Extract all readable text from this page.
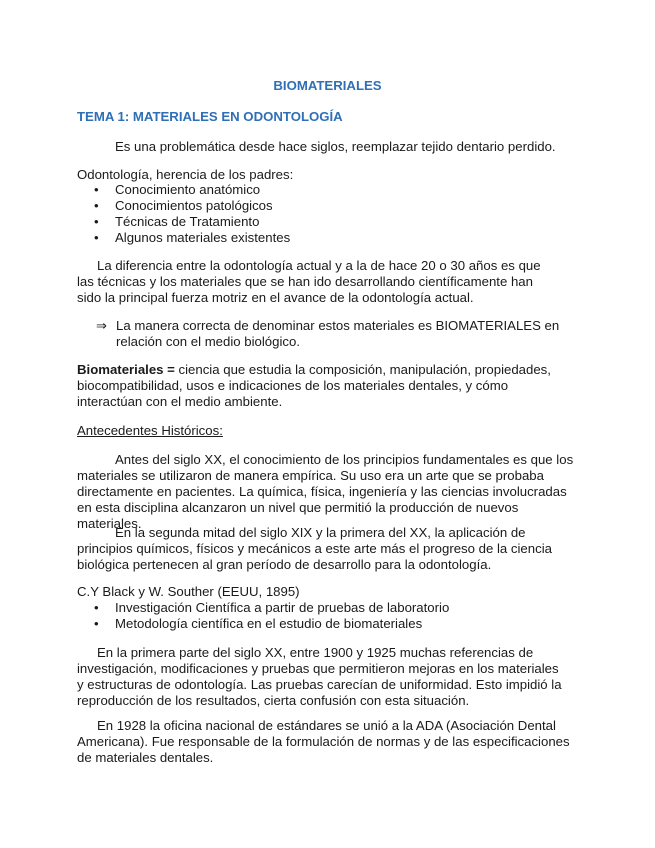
BIOMATERIALES
TEMA 1: MATERIALES EN ODONTOLOGÍA
Es una problemática desde hace siglos, reemplazar tejido dentario perdido.
Odontología, herencia de los padres:
• Conocimiento anatómico
• Conocimientos patológicos
• Técnicas de Tratamiento
• Algunos materiales existentes
La diferencia entre la odontología actual y a la de hace 20 o 30 años es que las técnicas y los materiales que se han ido desarrollando científicamente han sido la principal fuerza motriz en el avance de la odontología actual.
⇒ La manera correcta de denominar estos materiales es BIOMATERIALES en relación con el medio biológico.
Biomateriales = ciencia que estudia la composición, manipulación, propiedades, biocompatibilidad, usos e indicaciones de los materiales dentales, y cómo interactúan con el medio ambiente.
Antecedentes Históricos:
Antes del siglo XX, el conocimiento de los principios fundamentales es que los materiales se utilizaron de manera empírica. Su uso era un arte que se probaba directamente en pacientes. La química, física, ingeniería y las ciencias involucradas en esta disciplina alcanzaron un nivel que permitió la producción de nuevos materiales.
En la segunda mitad del siglo XIX y la primera del XX, la aplicación de principios químicos, físicos y mecánicos a este arte más el progreso de la ciencia biológica pertenecen al gran período de desarrollo para la odontología.
C.Y Black y W. Souther (EEUU, 1895)
• Investigación Científica a partir de pruebas de laboratorio
• Metodología científica en el estudio de biomateriales
En la primera parte del siglo XX, entre 1900 y 1925 muchas referencias de investigación, modificaciones y pruebas que permitieron mejoras en los materiales y estructuras de odontología. Las pruebas carecían de uniformidad. Esto impidió la reproducción de los resultados, cierta confusión con esta situación.
En 1928 la oficina nacional de estándares se unió a la ADA (Asociación Dental Americana). Fue responsable de la formulación de normas y de las especificaciones de materiales dentales.
